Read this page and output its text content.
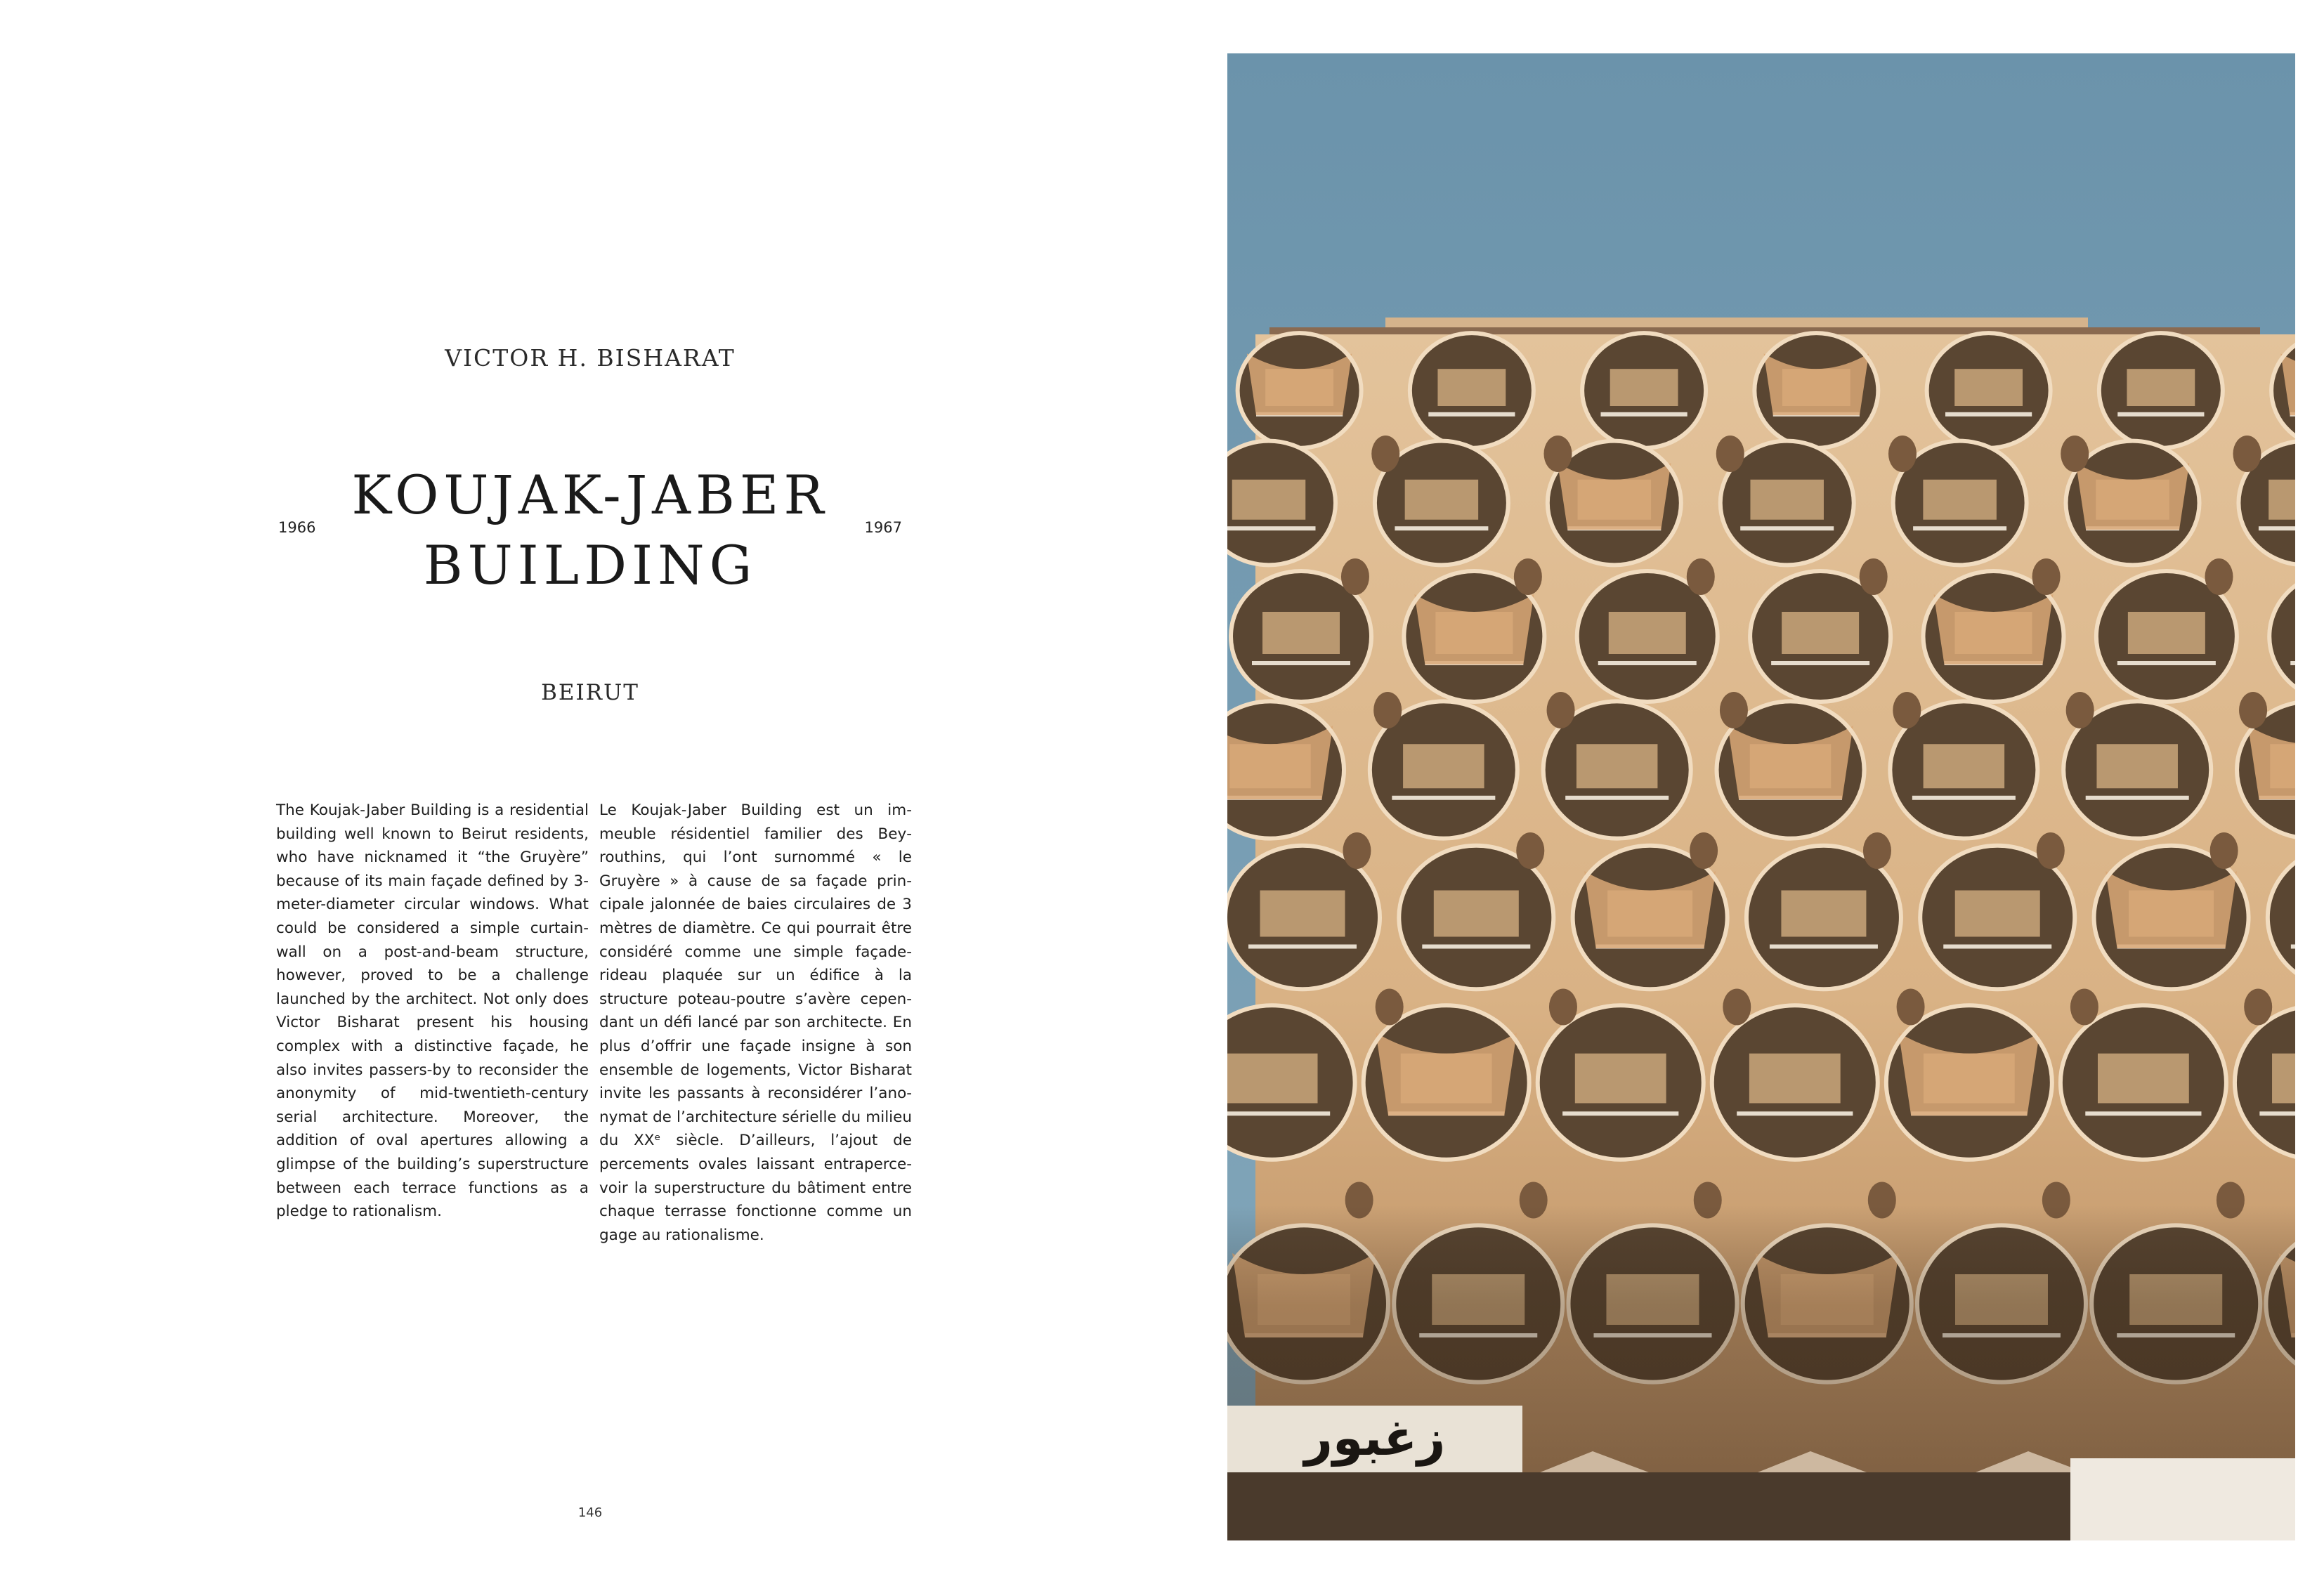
VICTOR H. BISHARAT
1966
KOUJAK-JABER
BUILDING
1967
BEIRUT

The Koujak-Jaber Building is a residential building well known to Beirut residents, who have nicknamed it “the Gruyère” because of its main façade defined by 3-meter-diameter circular windows. What could be considered a simple curtain-wall on a post-and-beam structure, however, proved to be a challenge launched by the architect. Not only does Victor Bisharat present his housing complex with a distinctive façade, he also invites passers-by to reconsider the anonymity of mid-twentieth-century serial architecture. Moreover, the addition of oval apertures allowing a glimpse of the building’s superstructure between each terrace functions as a pledge to rationalism.

Le Koujak-Jaber Building est un immeuble résidentiel familier des Beyrouthins, qui l’ont surnommé « le Gruyère » à cause de sa façade principale jalonnée de baies circulaires de 3 mètres de diamètre. Ce qui pourrait être considéré comme une simple façade-rideau plaquée sur un édifice à la structure poteau-poutre s’avère cependant un défi lancé par son architecte. En plus d’offrir une façade insigne à son ensemble de logements, Victor Bisharat invite les passants à reconsidérer l’anonymat de l’architecture sérielle du milieu du XXᵉ siècle. D’ailleurs, l’ajout de percements ovales laissant entrapercevoir la superstructure du bâtiment entre chaque terrasse fonctionne comme un gage au rationalisme.

146
زغبور
